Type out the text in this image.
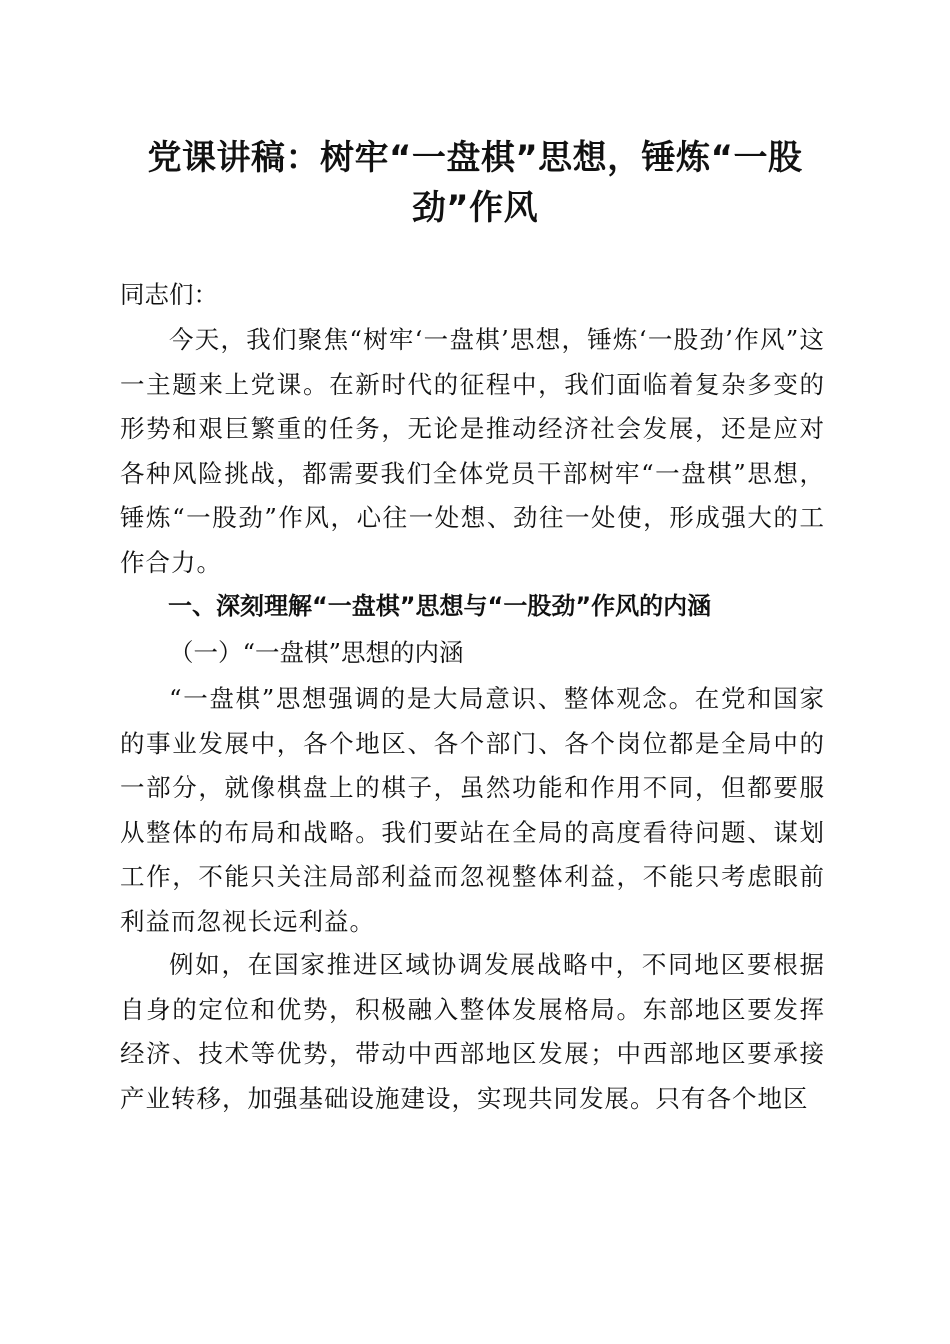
党课讲稿：树牢“一盘棋”思想，锤炼“一股劲”作风

同志们：

今天，我们聚焦“树牢‘一盘棋’思想，锤炼‘一股劲’作风”这一主题来上党课。在新时代的征程中，我们面临着复杂多变的形势和艰巨繁重的任务，无论是推动经济社会发展，还是应对各种风险挑战，都需要我们全体党员干部树牢“一盘棋”思想，锤炼“一股劲”作风，心往一处想、劲往一处使，形成强大的工作合力。

一、深刻理解“一盘棋”思想与“一股劲”作风的内涵

（一）“一盘棋”思想的内涵

“一盘棋”思想强调的是大局意识、整体观念。在党和国家的事业发展中，各个地区、各个部门、各个岗位都是全局中的一部分，就像棋盘上的棋子，虽然功能和作用不同，但都要服从整体的布局和战略。我们要站在全局的高度看待问题、谋划工作，不能只关注局部利益而忽视整体利益，不能只考虑眼前利益而忽视长远利益。

例如，在国家推进区域协调发展战略中，不同地区要根据自身的定位和优势，积极融入整体发展格局。东部地区要发挥经济、技术等优势，带动中西部地区发展；中西部地区要承接产业转移，加强基础设施建设，实现共同发展。只有各个地区
